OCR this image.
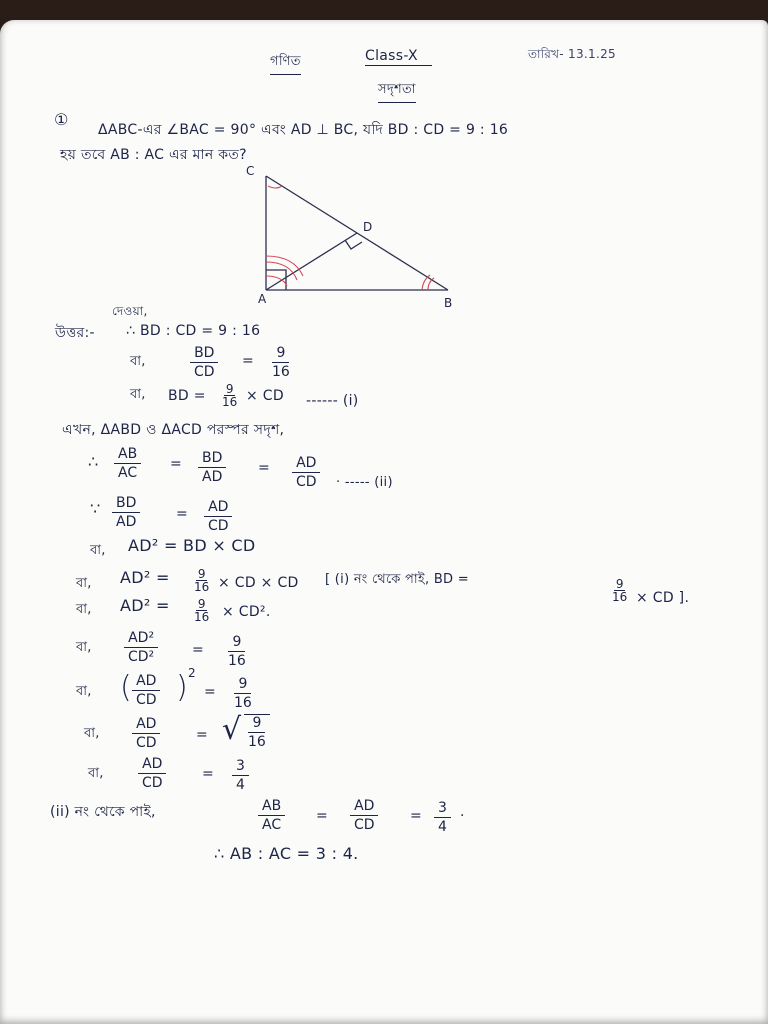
গণিত	Class-X	তারিখ- 13.1.25
সদৃশতা
①
ΔABC-এর ∠BAC = 90° এবং AD ⊥ BC, যদি BD : CD = 9 : 16
হয় তবে AB : AC এর মান কত?
C
D
A	B
দেওয়া,
উত্তর:- ∴ BD : CD = 9 : 16
বা,	$\frac{BD}{CD} = \frac{9}{16}$
বা, BD = $\frac{9}{16}$ × CD ------ (i)
এখন, ΔABD ও ΔACD পরস্পর সদৃশ,
∴ $\frac{AB}{AC} = \frac{BD}{AD} = \frac{AD}{CD}$ · ----- (ii)
∵ $\frac{BD}{AD}$	= $\frac{AD}{CD}$
বা, AD² = BD × CD
বা, $AD^2 = \frac{9}{16}$ × CD × CD [ (i) নং থেকে পাই, BD =	$\frac{9}{16}$ × CD ].
বা, $AD^2 = \frac{9}{16} \times CD^2$.
বা, $\frac{\text{AD²}}{\text{CD²}} = \frac{9}{16}$
বা, ( $\frac{AD}{CD}$ ) 2
= $\frac{9}{16}$
বা, $\frac{AD}{CD}$	= √ $\frac{9}{16}$
বা, $\frac{AD}{CD}$	= $\frac{3}{4}$
(ii) নং থেকে পাই,	$\frac{AB}{AC} = \frac{AD}{CD} = \frac{3}{4}$ ·
∴ AB : AC = 3 : 4.
